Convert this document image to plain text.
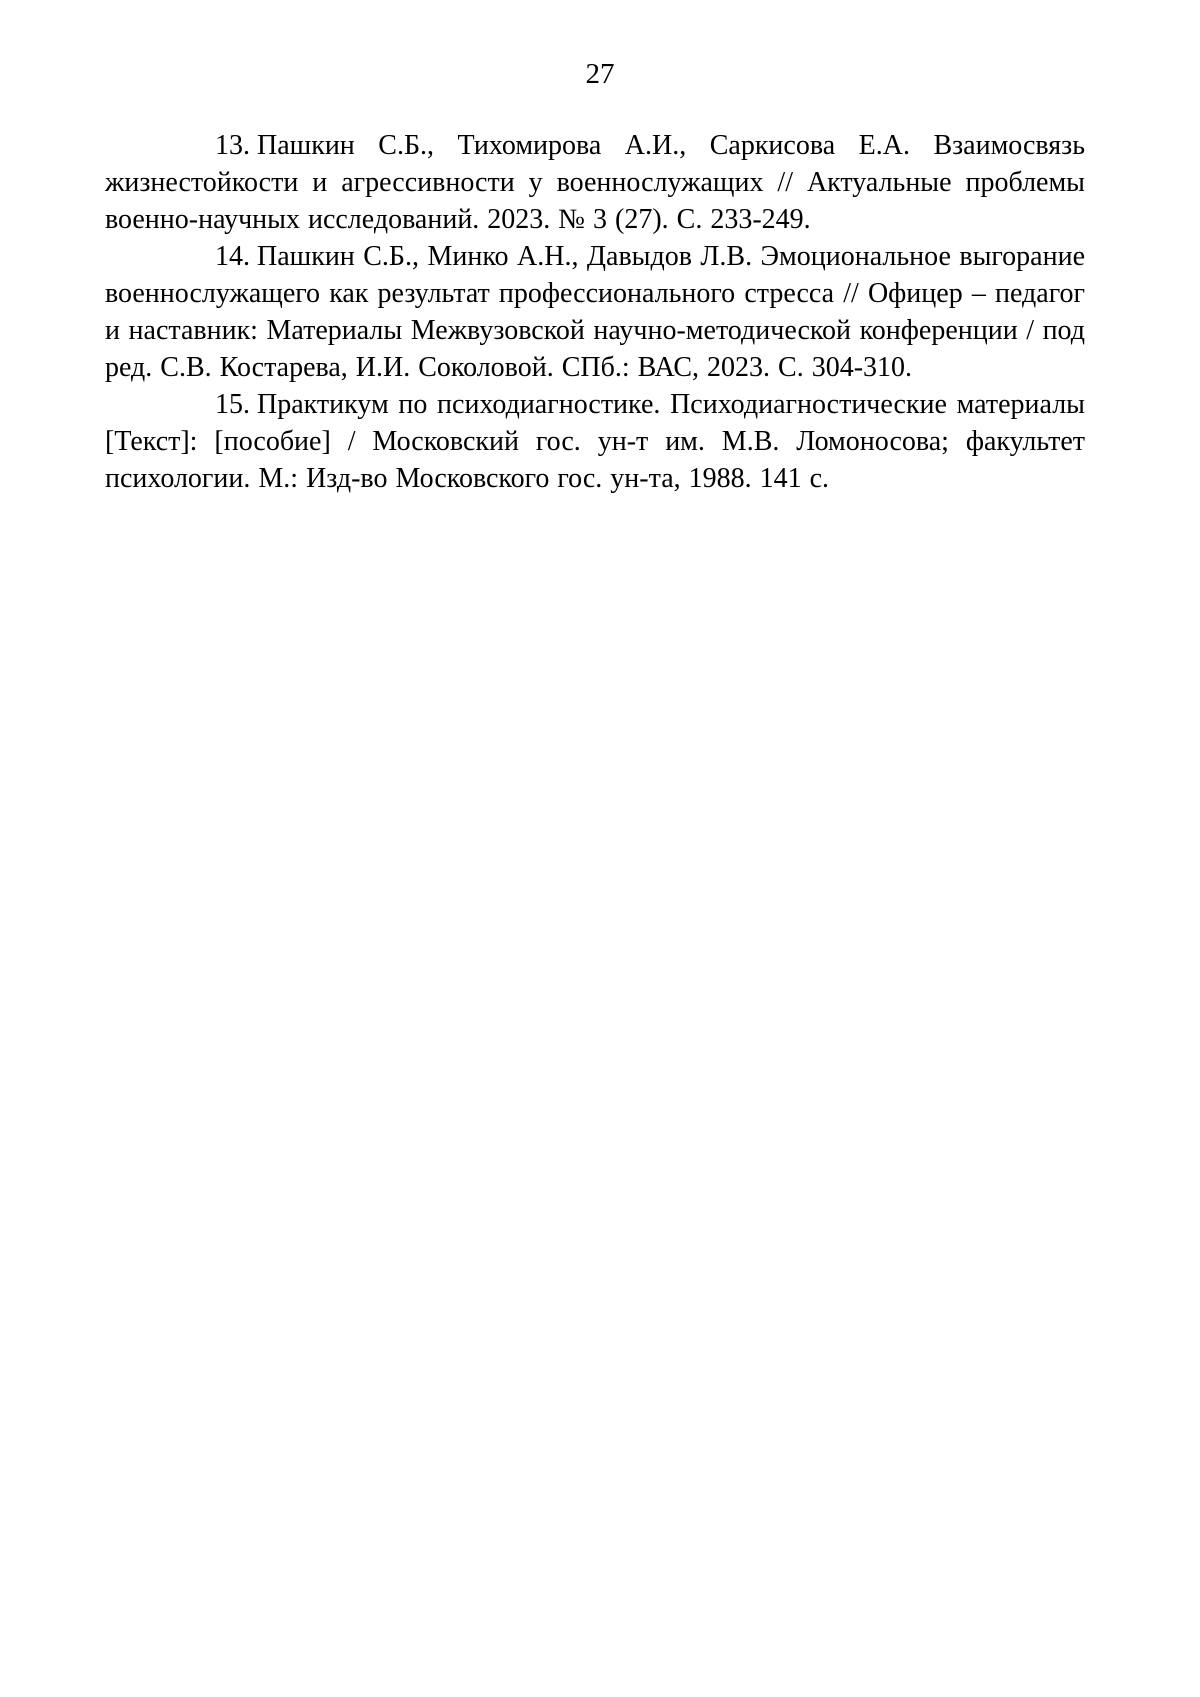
27

13. Пашкин С.Б., Тихомирова А.И., Саркисова Е.А. Взаимосвязь жизнестойкости и агрессивности у военнослужащих // Актуальные проблемы военно-научных исследований. 2023. № 3 (27). С. 233-249.

14. Пашкин С.Б., Минко А.Н., Давыдов Л.В. Эмоциональное выгорание военнослужащего как результат профессионального стресса // Офицер – педагог и наставник: Материалы Межвузовской научно-методической конференции / под ред. С.В. Костарева, И.И. Соколовой. СПб.: ВАС, 2023. С. 304-310.

15. Практикум по психодиагностике. Психодиагностические материалы [Текст]: [пособие] / Московский гос. ун-т им. М.В. Ломоносова; факультет психологии. М.: Изд-во Московского гос. ун-та, 1988. 141 с.
